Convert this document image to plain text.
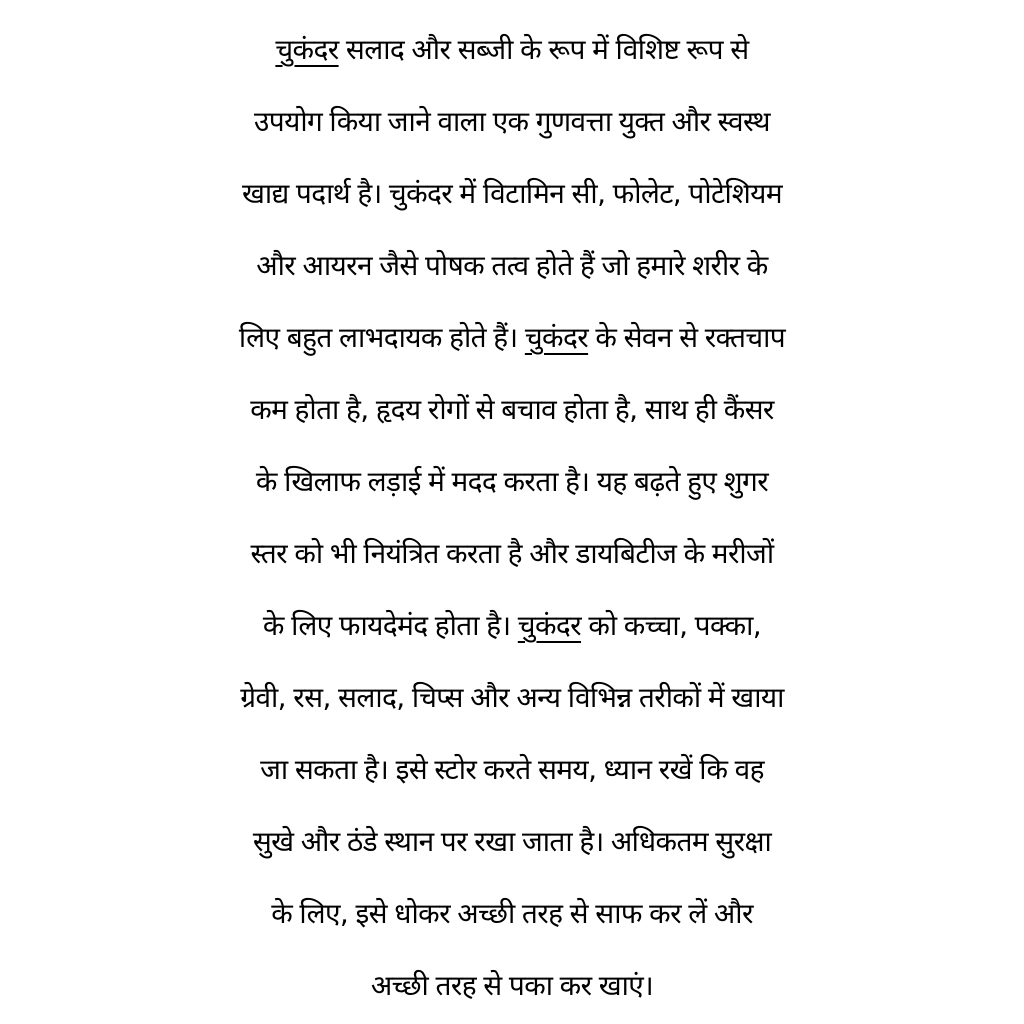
चुकंदर सलाद और सब्जी के रूप में विशिष्ट रूप से
उपयोग किया जाने वाला एक गुणवत्ता युक्त और स्वस्थ
खाद्य पदार्थ है। चुकंदर में विटामिन सी, फोलेट, पोटेशियम
और आयरन जैसे पोषक तत्व होते हैं जो हमारे शरीर के
लिए बहुत लाभदायक होते हैं। चुकंदर के सेवन से रक्तचाप
कम होता है, हृदय रोगों से बचाव होता है, साथ ही कैंसर
के खिलाफ लड़ाई में मदद करता है। यह बढ़ते हुए शुगर
स्तर को भी नियंत्रित करता है और डायबिटीज के मरीजों
के लिए फायदेमंद होता है। चुकंदर को कच्चा, पक्का,
ग्रेवी, रस, सलाद, चिप्स और अन्य विभिन्न तरीकों में खाया
जा सकता है। इसे स्टोर करते समय, ध्यान रखें कि वह
सुखे और ठंडे स्थान पर रखा जाता है। अधिकतम सुरक्षा
के लिए, इसे धोकर अच्छी तरह से साफ कर लें और
अच्छी तरह से पका कर खाएं।
